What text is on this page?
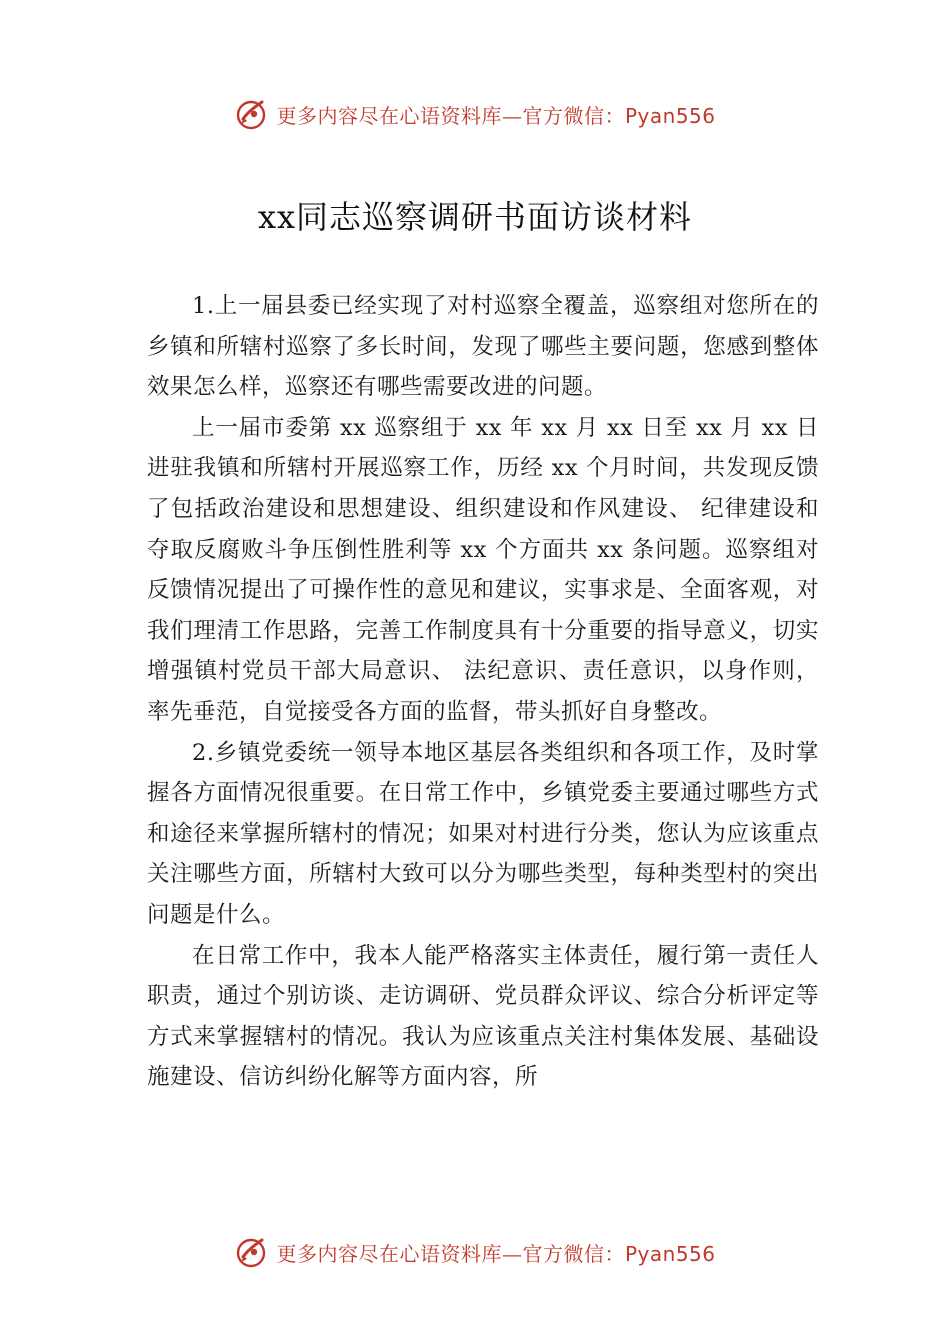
更多内容尽在心语资料库—官方微信：Pyan556
xx同志巡察调研书面访谈材料

1.上一届县委已经实现了对村巡察全覆盖，巡察组对您所在的乡镇和所辖村巡察了多长时间，发现了哪些主要问题，您感到整体效果怎么样，巡察还有哪些需要改进的问题。

上一届市委第 xx 巡察组于 xx 年 xx 月 xx 日至 xx 月 xx 日进驻我镇和所辖村开展巡察工作，历经 xx 个月时间，共发现反馈了包括政治建设和思想建设、组织建设和作风建设、 纪律建设和夺取反腐败斗争压倒性胜利等 xx 个方面共 xx 条问题。巡察组对反馈情况提出了可操作性的意见和建议，实事求是、全面客观，对我们理清工作思路，完善工作制度具有十分重要的指导意义，切实增强镇村党员干部大局意识、 法纪意识、责任意识，以身作则，率先垂范，自觉接受各方面的监督，带头抓好自身整改。

2.乡镇党委统一领导本地区基层各类组织和各项工作，及时掌握各方面情况很重要。在日常工作中，乡镇党委主要通过哪些方式和途径来掌握所辖村的情况；如果对村进行分类，您认为应该重点关注哪些方面，所辖村大致可以分为哪些类型，每种类型村的突出问题是什么。

在日常工作中，我本人能严格落实主体责任，履行第一责任人职责，通过个别访谈、走访调研、党员群众评议、综合分析评定等方式来掌握辖村的情况。我认为应该重点关注村集体发展、基础设施建设、信访纠纷化解等方面内容，所

更多内容尽在心语资料库—官方微信：Pyan556
